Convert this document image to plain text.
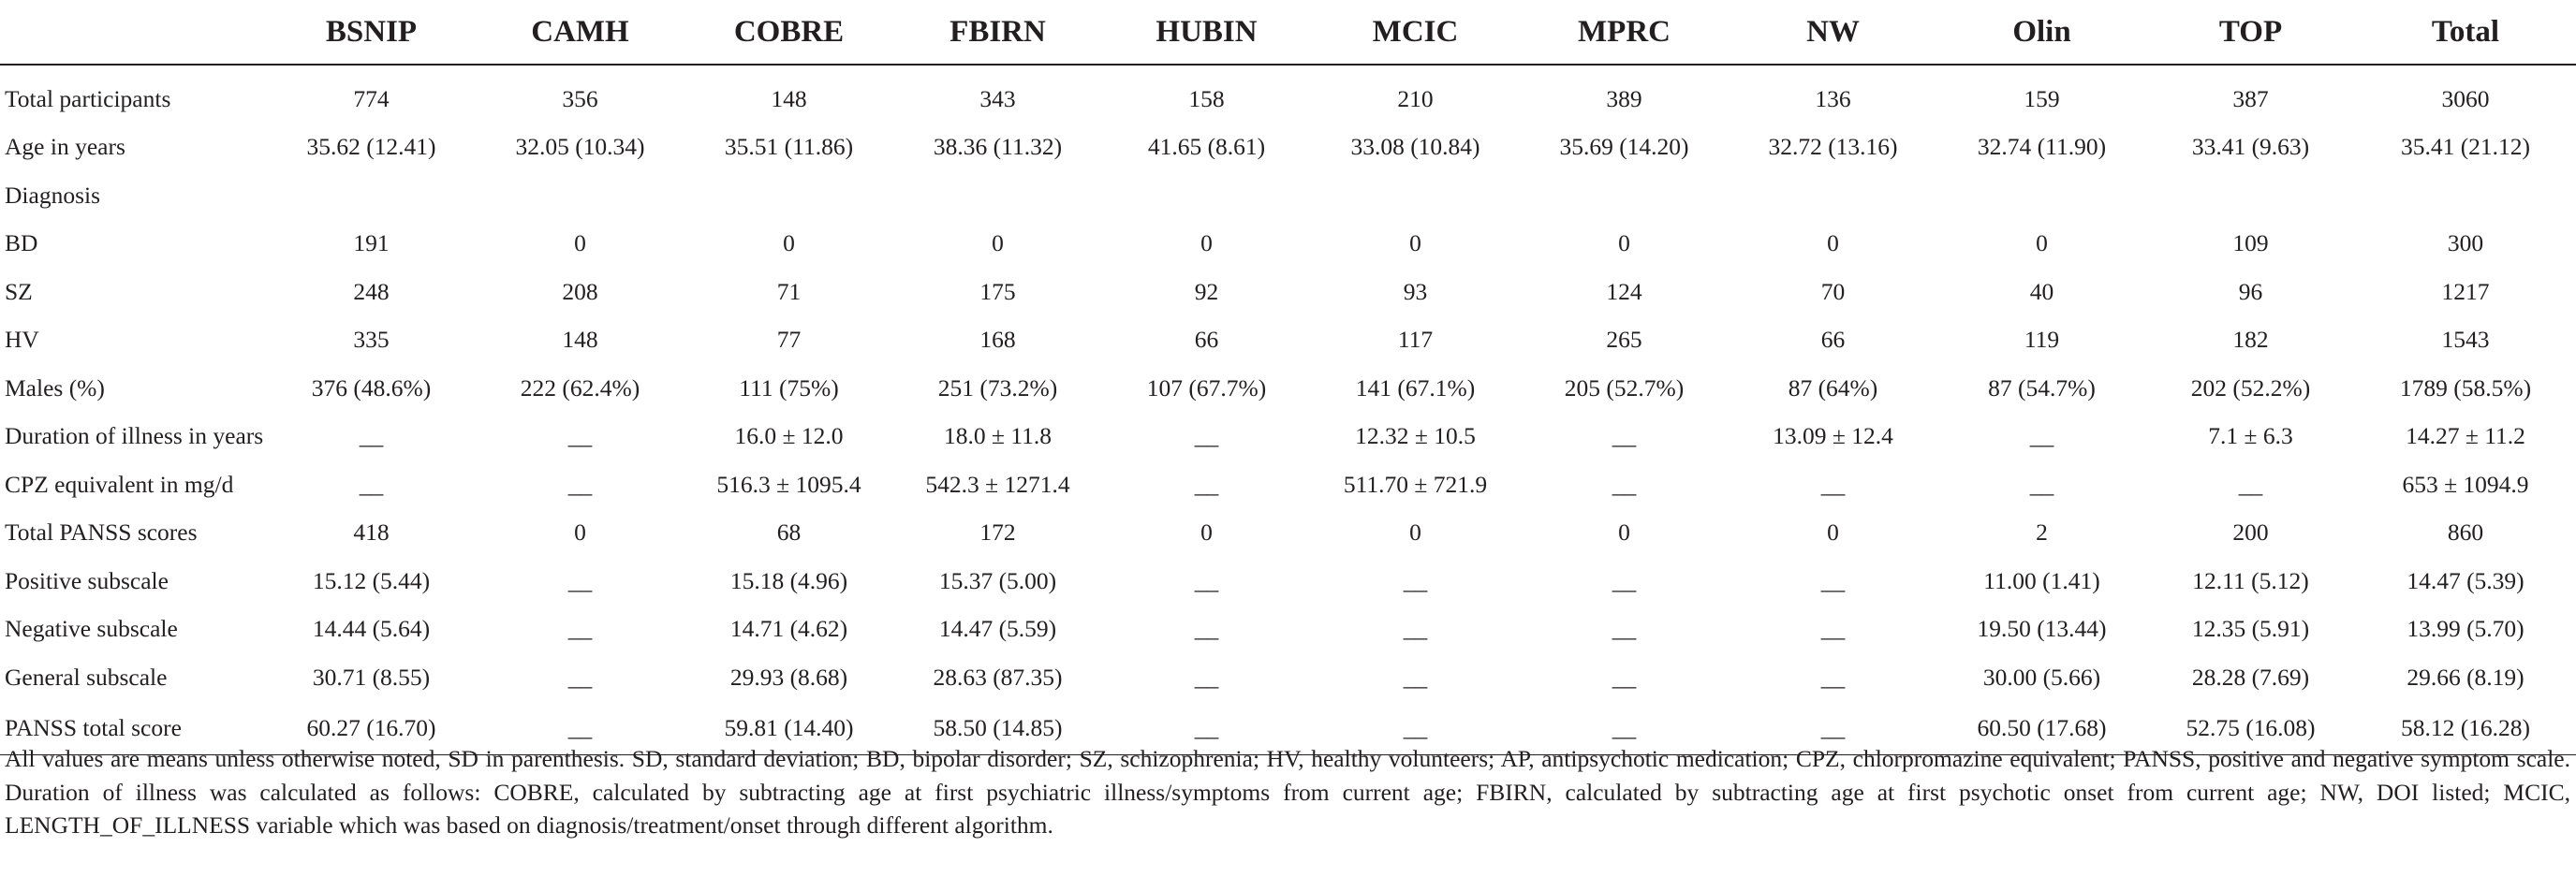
	BSNIP	CAMH	COBRE	FBIRN	HUBIN	MCIC	MPRC	NW	Olin	TOP	Total
Total participants	774	356	148	343	158	210	389	136	159	387	3060
Age in years	35.62 (12.41)	32.05 (10.34)	35.51 (11.86)	38.36 (11.32)	41.65 (8.61)	33.08 (10.84)	35.69 (14.20)	32.72 (13.16)	32.74 (11.90)	33.41 (9.63)	35.41 (21.12)
Diagnosis											
BD	191	0	0	0	0	0	0	0	0	109	300
SZ	248	208	71	175	92	93	124	70	40	96	1217
HV	335	148	77	168	66	117	265	66	119	182	1543
Males (%)	376 (48.6%)	222 (62.4%)	111 (75%)	251 (73.2%)	107 (67.7%)	141 (67.1%)	205 (52.7%)	87 (64%)	87 (54.7%)	202 (52.2%)	1789 (58.5%)
Duration of illness in years	__	__	16.0 ± 12.0	18.0 ± 11.8	__	12.32 ± 10.5	__	13.09 ± 12.4	__	7.1 ± 6.3	14.27 ± 11.2
CPZ equivalent in mg/d	__	__	516.3 ± 1095.4	542.3 ± 1271.4	__	511.70 ± 721.9	__	__	__	__	653 ± 1094.9
Total PANSS scores	418	0	68	172	0	0	0	0	2	200	860
Positive subscale	15.12 (5.44)	__	15.18 (4.96)	15.37 (5.00)	__	__	__	__	11.00 (1.41)	12.11 (5.12)	14.47 (5.39)
Negative subscale	14.44 (5.64)	__	14.71 (4.62)	14.47 (5.59)	__	__	__	__	19.50 (13.44)	12.35 (5.91)	13.99 (5.70)
General subscale	30.71 (8.55)	__	29.93 (8.68)	28.63 (87.35)	__	__	__	__	30.00 (5.66)	28.28 (7.69)	29.66 (8.19)
PANSS total score	60.27 (16.70)	__	59.81 (14.40)	58.50 (14.85)	__	__	__	__	60.50 (17.68)	52.75 (16.08)	58.12 (16.28)
All values are means unless otherwise noted, SD in parenthesis. SD, standard deviation; BD, bipolar disorder; SZ, schizophrenia; HV, healthy volunteers; AP, antipsychotic medication; CPZ, chlorpromazine equivalent; PANSS, positive and negative symptom scale. Duration of illness was calculated as follows: COBRE, calculated by subtracting age at first psychiatric illness/symptoms from current age; FBIRN, calculated by subtracting age at first psychotic onset from current age; NW, DOI listed; MCIC, LENGTH_OF_ILLNESS variable which was based on diagnosis/treatment/onset through different algorithm.
